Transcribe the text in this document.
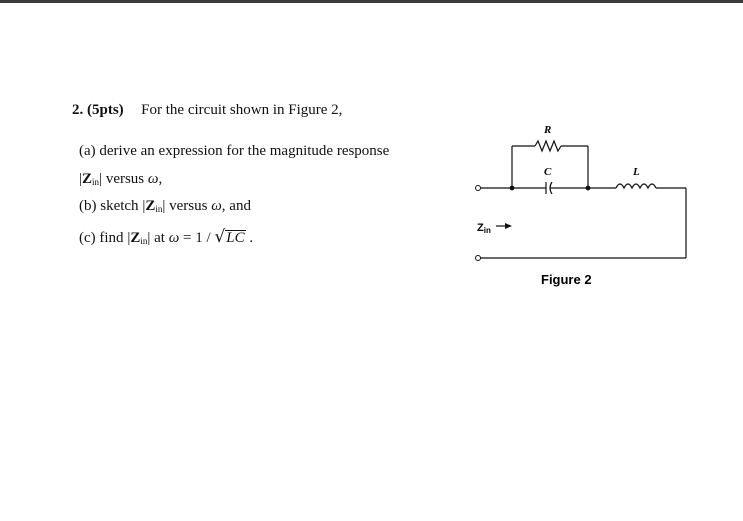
2. (5pts) For the circuit shown in Figure 2,
(a) derive an expression for the magnitude response
|Zin| versus ω,
(b) sketch |Zin| versus ω, and
(c) find |Zin| at ω = 1 / √LC .
R
C	L
Zin
Figure 2
